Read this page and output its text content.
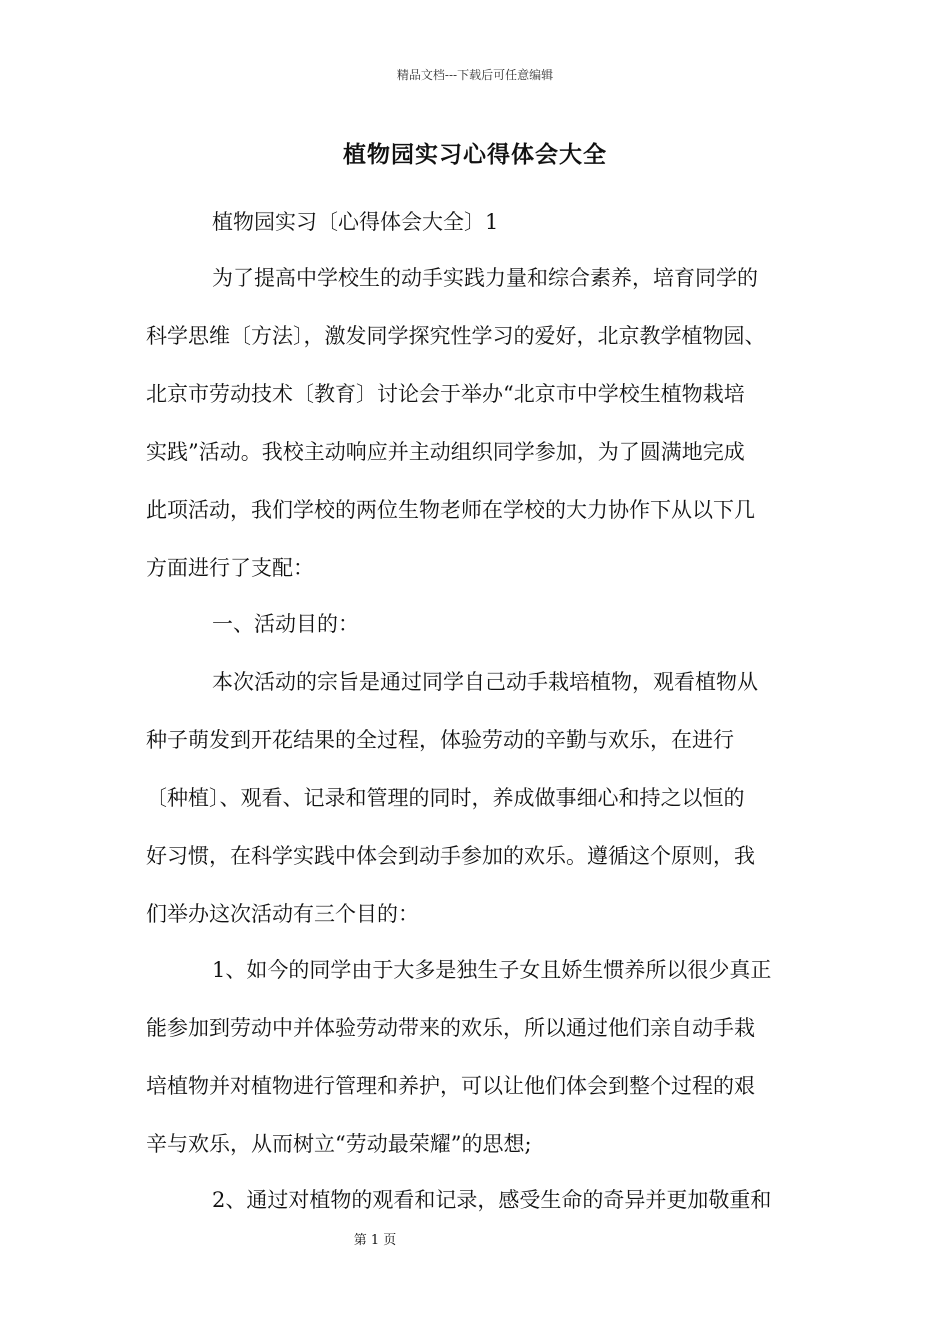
精品文档---下载后可任意编辑
植物园实习心得体会大全
植物园实习〔心得体会大全〕1
为了提高中学校生的动手实践力量和综合素养，培育同学的
科学思维〔方法〕，激发同学探究性学习的爱好，北京教学植物园、
北京市劳动技术〔教育〕讨论会于举办“北京市中学校生植物栽培
实践”活动。我校主动响应并主动组织同学参加，为了圆满地完成
此项活动，我们学校的两位生物老师在学校的大力协作下从以下几
方面进行了支配：
一、活动目的：
本次活动的宗旨是通过同学自己动手栽培植物，观看植物从
种子萌发到开花结果的全过程，体验劳动的辛勤与欢乐，在进行
〔种植〕、观看、记录和管理的同时，养成做事细心和持之以恒的
好习惯，在科学实践中体会到动手参加的欢乐。遵循这个原则，我
们举办这次活动有三个目的：
1、如今的同学由于大多是独生子女且娇生惯养所以很少真正
能参加到劳动中并体验劳动带来的欢乐，所以通过他们亲自动手栽
培植物并对植物进行管理和养护，可以让他们体会到整个过程的艰
辛与欢乐，从而树立“劳动最荣耀”的思想;
2、通过对植物的观看和记录，感受生命的奇异并更加敬重和
第 1 页
